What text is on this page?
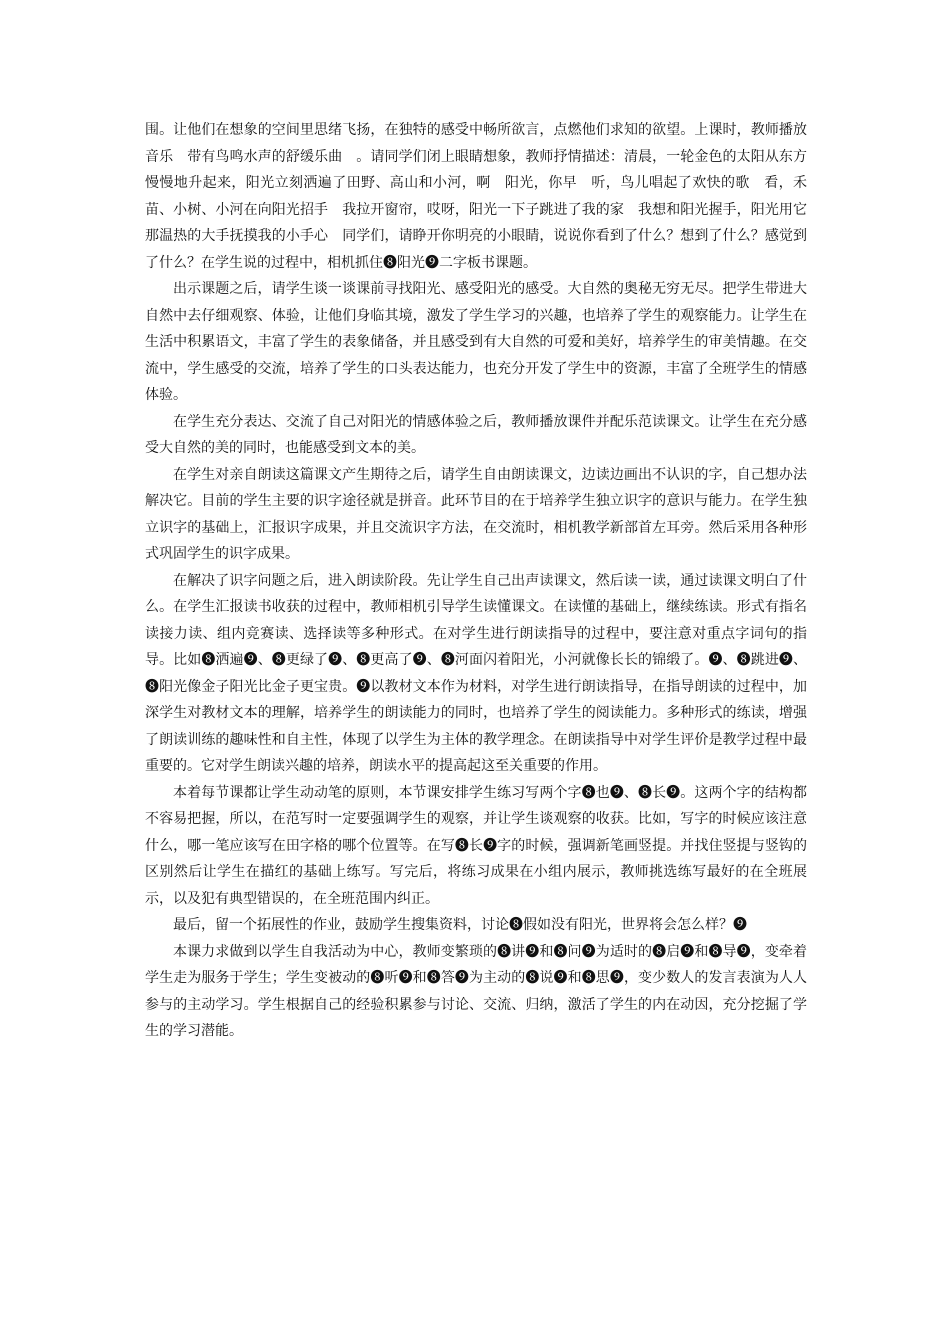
围。让他们在想象的空间里思绪飞扬，在独特的感受中畅所欲言，点燃他们求知的欲望。上课时，教师播放音乐　带有鸟鸣水声的舒缓乐曲　。请同学们闭上眼睛想象，教师抒情描述：清晨，一轮金色的太阳从东方慢慢地升起来，阳光立刻洒遍了田野、高山和小河，啊　阳光，你早　听，鸟儿唱起了欢快的歌　看，禾苗、小树、小河在向阳光招手　我拉开窗帘，哎呀，阳光一下子跳进了我的家　我想和阳光握手，阳光用它那温热的大手抚摸我的小手心　同学们，请睁开你明亮的小眼睛，说说你看到了什么？想到了什么？感觉到了什么？在学生说的过程中，相机抓住❽阳光❾二字板书课题。

出示课题之后，请学生谈一谈课前寻找阳光、感受阳光的感受。大自然的奥秘无穷无尽。把学生带进大自然中去仔细观察、体验，让他们身临其境，激发了学生学习的兴趣，也培养了学生的观察能力。让学生在生活中积累语文，丰富了学生的表象储备，并且感受到有大自然的可爱和美好，培养学生的审美情趣。在交流中，学生感受的交流，培养了学生的口头表达能力，也充分开发了学生中的资源，丰富了全班学生的情感体验。

在学生充分表达、交流了自己对阳光的情感体验之后，教师播放课件并配乐范读课文。让学生在充分感受大自然的美的同时，也能感受到文本的美。

在学生对亲自朗读这篇课文产生期待之后，请学生自由朗读课文，边读边画出不认识的字，自己想办法解决它。目前的学生主要的识字途径就是拼音。此环节目的在于培养学生独立识字的意识与能力。在学生独立识字的基础上，汇报识字成果，并且交流识字方法，在交流时，相机教学新部首左耳旁。然后采用各种形式巩固学生的识字成果。

在解决了识字问题之后，进入朗读阶段。先让学生自己出声读课文，然后读一读，通过读课文明白了什么。在学生汇报读书收获的过程中，教师相机引导学生读懂课文。在读懂的基础上，继续练读。形式有指名读接力读、组内竞赛读、选择读等多种形式。在对学生进行朗读指导的过程中，要注意对重点字词句的指导。比如❽洒遍❾、❽更绿了❾、❽更高了❾、❽河面闪着阳光，小河就像长长的锦缎了。❾、❽跳进❾、❽阳光像金子阳光比金子更宝贵。❾以教材文本作为材料，对学生进行朗读指导，在指导朗读的过程中，加深学生对教材文本的理解，培养学生的朗读能力的同时，也培养了学生的阅读能力。多种形式的练读，增强了朗读训练的趣味性和自主性，体现了以学生为主体的教学理念。在朗读指导中对学生评价是教学过程中最重要的。它对学生朗读兴趣的培养，朗读水平的提高起这至关重要的作用。

本着每节课都让学生动动笔的原则，本节课安排学生练习写两个字❽也❾、❽长❾。这两个字的结构都不容易把握，所以，在范写时一定要强调学生的观察，并让学生谈观察的收获。比如，写字的时候应该注意什么，哪一笔应该写在田字格的哪个位置等。在写❽长❾字的时候，强调新笔画竖提。并找住竖提与竖钩的区别然后让学生在描红的基础上练写。写完后，将练习成果在小组内展示，教师挑选练写最好的在全班展示，以及犯有典型错误的，在全班范围内纠正。

最后，留一个拓展性的作业，鼓励学生搜集资料，讨论❽假如没有阳光，世界将会怎么样？❾

本课力求做到以学生自我活动为中心，教师变繁琐的❽讲❾和❽问❾为适时的❽启❾和❽导❾，变牵着学生走为服务于学生；学生变被动的❽听❾和❽答❾为主动的❽说❾和❽思❾，变少数人的发言表演为人人参与的主动学习。学生根据自己的经验积累参与讨论、交流、归纳，激活了学生的内在动因，充分挖掘了学生的学习潜能。
